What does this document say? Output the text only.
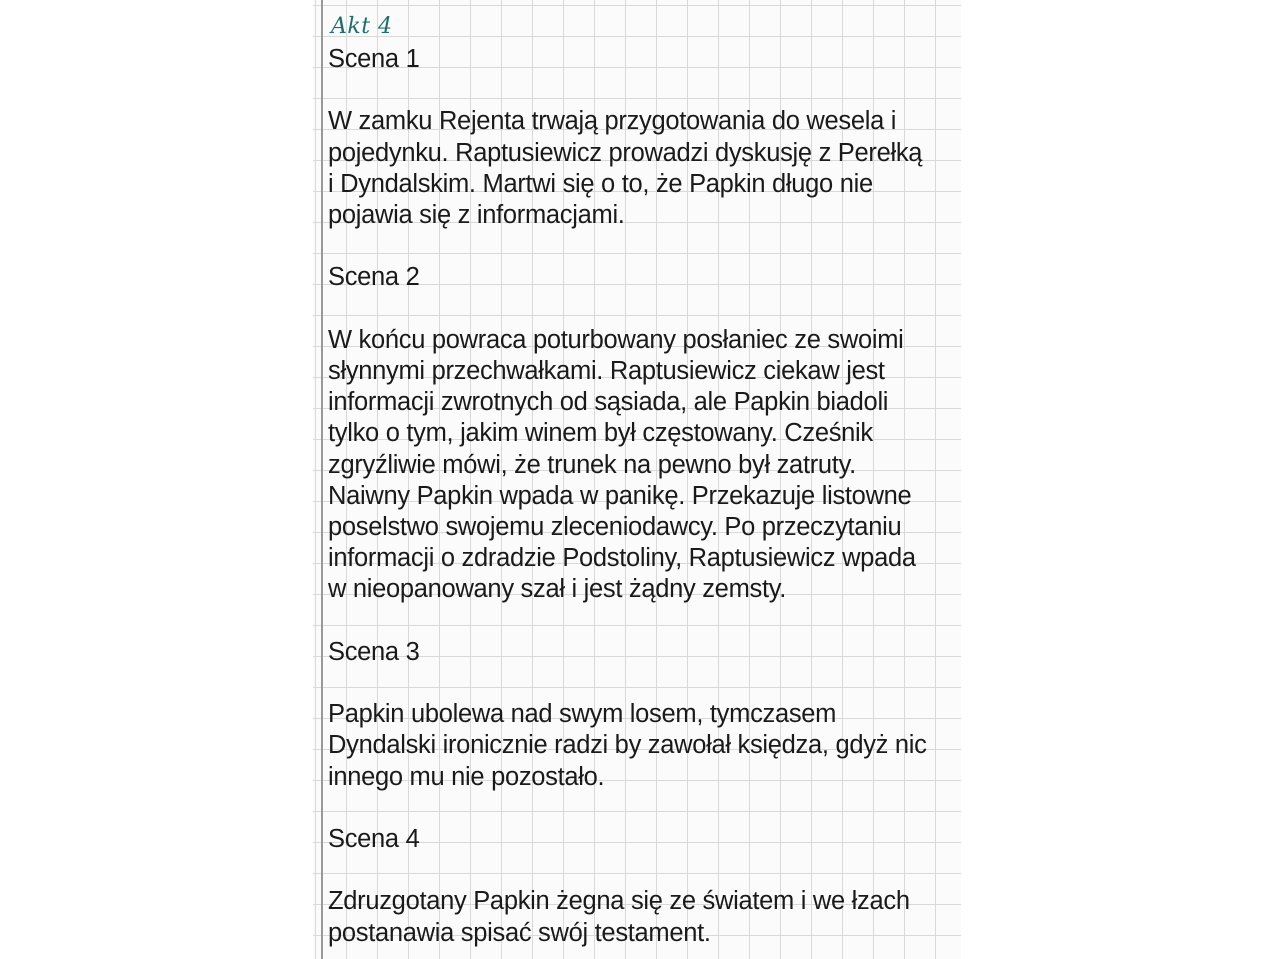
Akt 4
Scena 1
W zamku Rejenta trwają przygotowania do wesela i
pojedynku. Raptusiewicz prowadzi dyskusję z Perełką
i Dyndalskim. Martwi się o to, że Papkin długo nie
pojawia się z informacjami.
Scena 2
W końcu powraca poturbowany posłaniec ze swoimi
słynnymi przechwałkami. Raptusiewicz ciekaw jest
informacji zwrotnych od sąsiada, ale Papkin biadoli
tylko o tym, jakim winem był częstowany. Cześnik
zgryźliwie mówi, że trunek na pewno był zatruty.
Naiwny Papkin wpada w panikę. Przekazuje listowne
poselstwo swojemu zleceniodawcy. Po przeczytaniu
informacji o zdradzie Podstoliny, Raptusiewicz wpada
w nieopanowany szał i jest żądny zemsty.
Scena 3
Papkin ubolewa nad swym losem, tymczasem
Dyndalski ironicznie radzi by zawołał księdza, gdyż nic
innego mu nie pozostało.
Scena 4
Zdruzgotany Papkin żegna się ze światem i we łzach
postanawia spisać swój testament.
